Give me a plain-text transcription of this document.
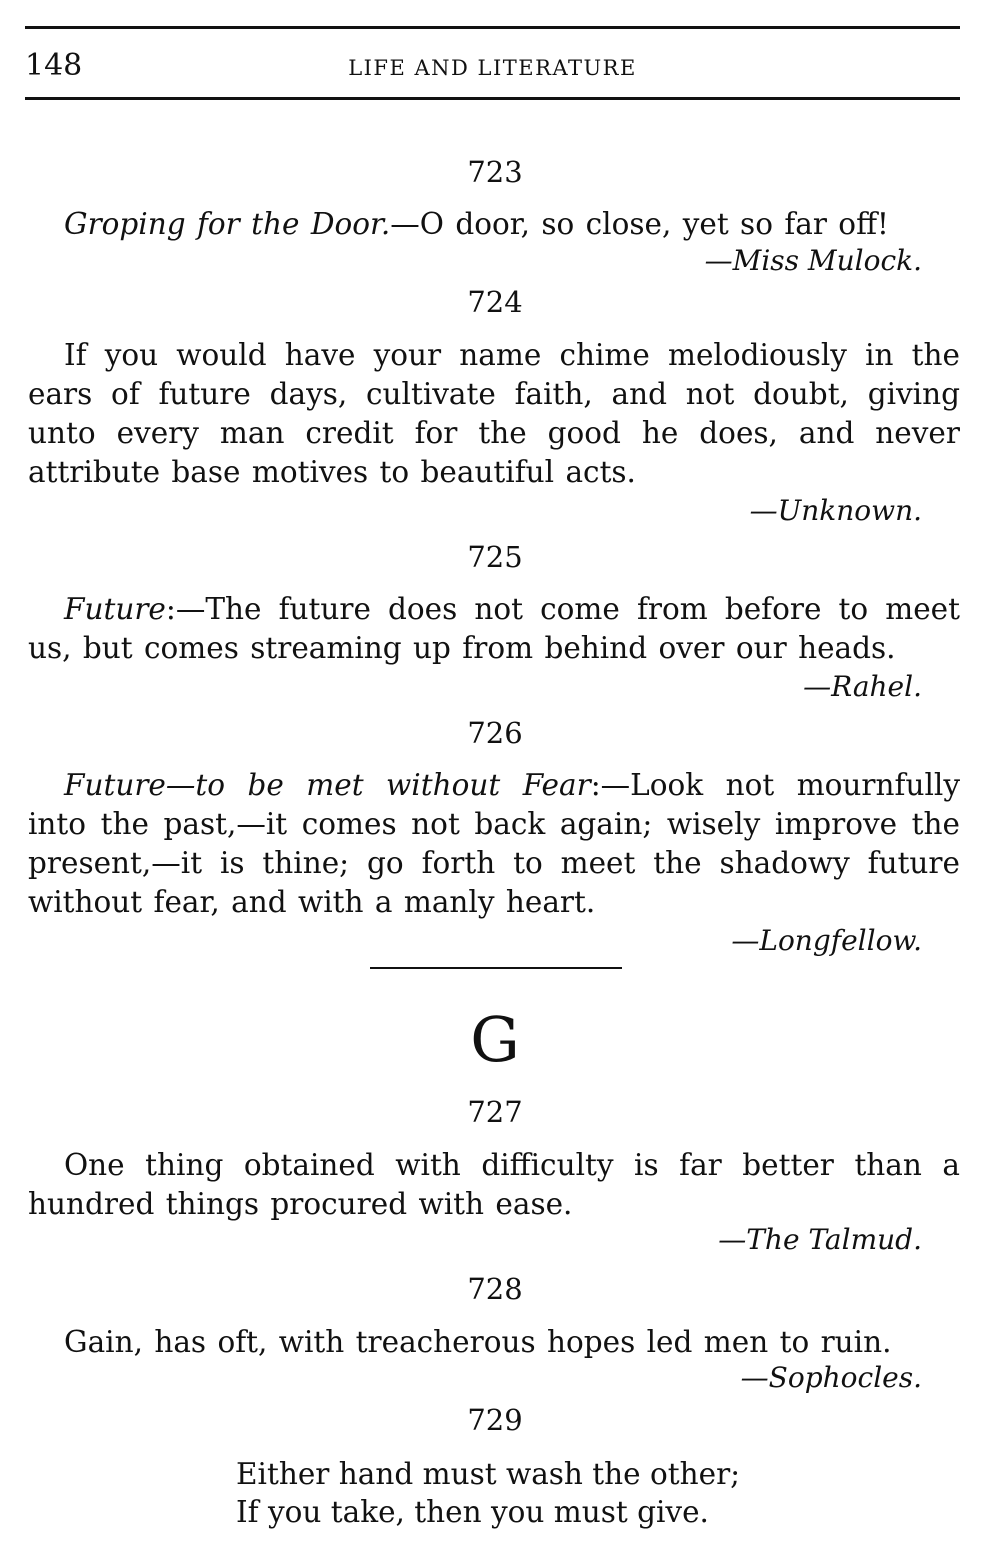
148	LIFE AND LITERATURE
723
Groping for the Door.—O door, so close, yet so far off!
—Miss Mulock.
724
If you would have your name chime melodiously in the ears of future days, cultivate faith, and not doubt, giving unto every man credit for the good he does, and never attribute base motives to beautiful acts.
—Unknown.
725
Future:—The future does not come from before to meet us, but comes streaming up from behind over our heads.
—Rahel.
726
Future—to be met without Fear:—Look not mournfully into the past,—it comes not back again; wisely improve the present,—it is thine; go forth to meet the shadowy future without fear, and with a manly heart.
—Longfellow.
G
727
One thing obtained with difficulty is far better than a hundred things procured with ease.
—The Talmud.
728
Gain, has oft, with treacherous hopes led men to ruin.
—Sophocles.
729
Either hand must wash the other;
If you take, then you must give.
